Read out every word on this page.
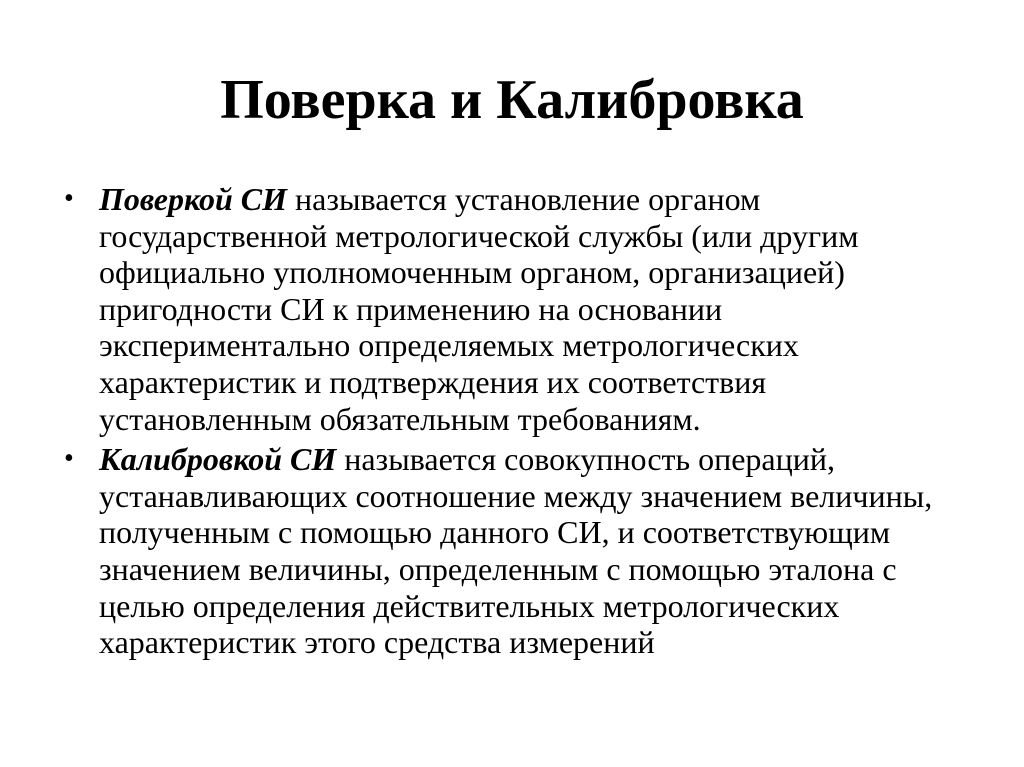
Поверка и Калибровка
• Поверкой СИ называется установление органом государственной метрологической службы (или другим официально уполномоченным органом, организацией) пригодности СИ к применению на основании экспериментально определяемых метрологических характеристик и подтверждения их соответствия установленным обязательным требованиям.
• Калибровкой СИ называется совокупность операций, устанавливающих соотношение между значением величины, полученным с помощью данного СИ, и соответствующим значением величины, определенным с помощью эталона с целью определения действительных метрологических характеристик этого средства измерений
